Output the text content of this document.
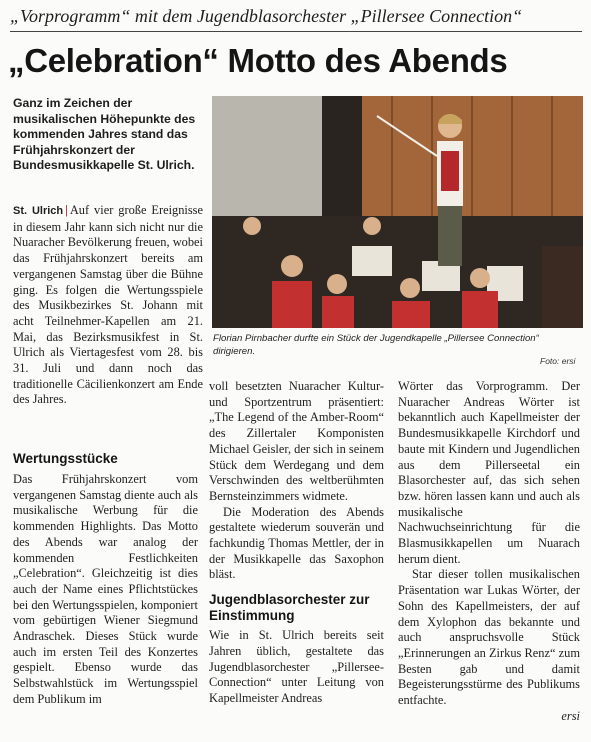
„Vorprogramm“ mit dem Jugendblasorchester „Pillersee Connection“
„Celebration“ Motto des Abends

Ganz im Zeichen der musikalischen Höhepunkte des kommenden Jahres stand das Frühjahrskonzert der Bundesmusikkapelle St. Ulrich.

Florian Pirnbacher durfte ein Stück der Jugendkapelle „Pillersee Connection“ dirigieren.
Foto: ersi

St. Ulrich | Auf vier große Ereignisse in diesem Jahr kann sich nicht nur die Nuaracher Bevölkerung freuen, wobei das Frühjahrskonzert bereits am vergangenen Samstag über die Bühne ging. Es folgen die Wertungsspiele des Musikbezirkes St. Johann mit acht Teilnehmer-Kapellen am 21. Mai, das Bezirksmusikfest in St. Ulrich als Viertagesfest vom 28. bis 31. Juli und dann noch das traditionelle Cäcilienkonzert am Ende des Jahres.

Wertungsstücke

Das Frühjahrskonzert vom vergangenen Samstag diente auch als musikalische Werbung für die kommenden Highlights. Das Motto des Abends war analog der kommenden Festlichkeiten „Celebration“. Gleichzeitig ist dies auch der Name eines Pflichtstückes bei den Wertungsspielen, komponiert vom gebürtigen Wiener Siegmund Andraschek. Dieses Stück wurde auch im ersten Teil des Konzertes gespielt. Ebenso wurde das Selbstwahlstück im Wertungsspiel dem Publikum im

voll besetzten Nuaracher Kultur- und Sportzentrum präsentiert: „The Legend of the Amber-Room“ des Zillertaler Komponisten Michael Geisler, der sich in seinem Stück dem Werdegang und dem Verschwinden des weltberühmten Bernsteinzimmers widmete.

Die Moderation des Abends gestaltete wiederum souverän und fachkundig Thomas Mettler, der in der Musikkapelle das Saxophon bläst.

Jugendblasorchester zur Einstimmung

Wie in St. Ulrich bereits seit Jahren üblich, gestaltete das Jugendblasorchester „Pillersee-Connection“ unter Leitung von Kapellmeister Andreas

Wörter das Vorprogramm. Der Nuaracher Andreas Wörter ist bekanntlich auch Kapellmeister der Bundesmusikkapelle Kirchdorf und baute mit Kindern und Jugendlichen aus dem Pillerseetal ein Blasorchester auf, das sich sehen bzw. hören lassen kann und auch als musikalische Nachwuchseinrichtung für die Blasmusikkapellen um Nuarach herum dient.

Star dieser tollen musikalischen Präsentation war Lukas Wörter, der Sohn des Kapellmeisters, der auf dem Xylophon das bekannte und auch anspruchsvolle Stück „Erinnerungen an Zirkus Renz“ zum Besten gab und damit Begeisterungsstürme des Publikums entfachte.

ersi
